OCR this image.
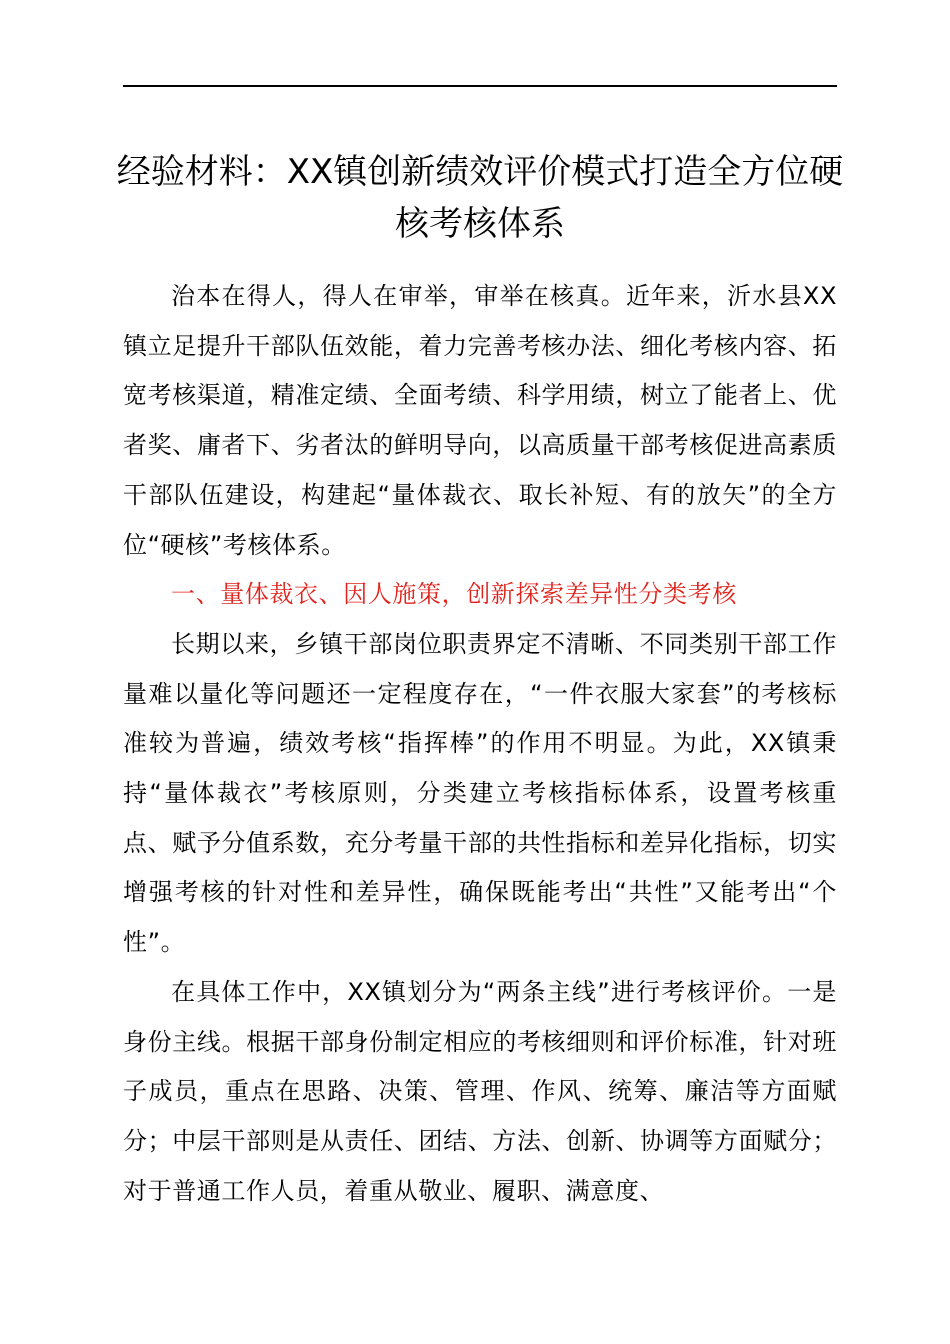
经验材料：XX镇创新绩效评价模式打造全方位硬核考核体系

治本在得人，得人在审举，审举在核真。近年来，沂水县XX镇立足提升干部队伍效能，着力完善考核办法、细化考核内容、拓宽考核渠道，精准定绩、全面考绩、科学用绩，树立了能者上、优者奖、庸者下、劣者汰的鲜明导向，以高质量干部考核促进高素质干部队伍建设，构建起“量体裁衣、取长补短、有的放矢”的全方位“硬核”考核体系。

一、量体裁衣、因人施策，创新探索差异性分类考核

长期以来，乡镇干部岗位职责界定不清晰、不同类别干部工作量难以量化等问题还一定程度存在，“一件衣服大家套”的考核标准较为普遍，绩效考核“指挥棒”的作用不明显。为此，XX镇秉持“量体裁衣”考核原则，分类建立考核指标体系，设置考核重点、赋予分值系数，充分考量干部的共性指标和差异化指标，切实增强考核的针对性和差异性，确保既能考出“共性”又能考出“个性”。

在具体工作中，XX镇划分为“两条主线”进行考核评价。一是身份主线。根据干部身份制定相应的考核细则和评价标准，针对班子成员，重点在思路、决策、管理、作风、统筹、廉洁等方面赋分；中层干部则是从责任、团结、方法、创新、协调等方面赋分；对于普通工作人员，着重从敬业、履职、满意度、
